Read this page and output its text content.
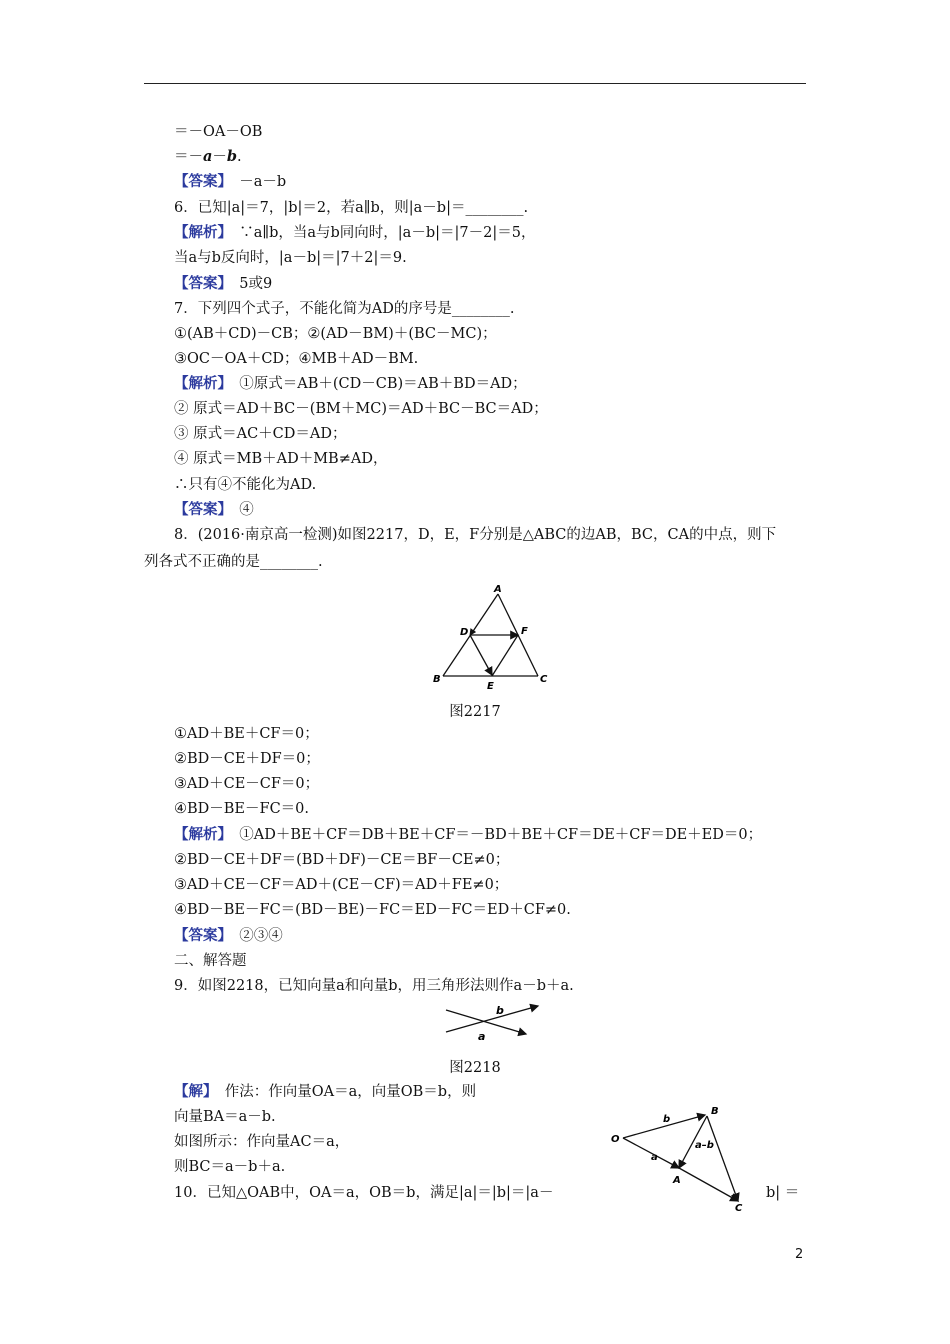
＝－OA－OB
＝－a－b.
【答案】　 －a－b
6．已知|a|＝7，|b|＝2，若a∥b，则|a－b|＝________.
【解析】　 ∵a∥b，当a与b同向时，|a－b|＝|7－2|＝5，
当a与b反向时，|a－b|＝|7＋2|＝9.
【答案】　 5或9
7．下列四个式子，不能化简为AD的序号是________.
①(AB＋CD)－CB；②(AD－BM)＋(BC－MC)；
③OC－OA＋CD；④MB＋AD－BM.
【解析】　 ①原式＝AB＋(CD－CB)＝AB＋BD＝AD；
② 原式＝AD＋BC－(BM＋MC)＝AD＋BC－BC＝AD；
③ 原式＝AC＋CD＝AD；
④ 原式＝MB＋AD＋MB≠AD，
∴只有④不能化为AD.
【答案】　 ④
8．(2016·南京高一检测)如图2217，D，E，F分别是△ABC的边AB，BC，CA的中点，则下
列各式不正确的是________.
A
B	C
D
E
F
图2217
①AD＋BE＋CF＝0；
②BD－CE＋DF＝0；
③AD＋CE－CF＝0；
④BD－BE－FC＝0.
【解析】　 ①AD＋BE＋CF＝DB＋BE＋CF＝－BD＋BE＋CF＝DE＋CF＝DE＋ED＝0；
②BD－CE＋DF＝(BD＋DF)－CE＝BF－CE≠0；
③AD＋CE－CF＝AD＋(CE－CF)＝AD＋FE≠0；
④BD－BE－FC＝(BD－BE)－FC＝ED－FC＝ED＋CF≠0.
【答案】　 ②③④
二、解答题
9．如图2218，已知向量a和向量b，用三角形法则作a－b＋a.
b
a
图2218
【解】　 作法：作向量OA＝a，向量OB＝b，则
向量BA＝a－b.
如图所示：作向量AC＝a，
则BC＝a－b＋a.
10．已知△OAB中，OA＝a，OB＝b，满足|a|＝|b|＝|a－	b| ＝
O
B
A
C
b
a
a–b
2
